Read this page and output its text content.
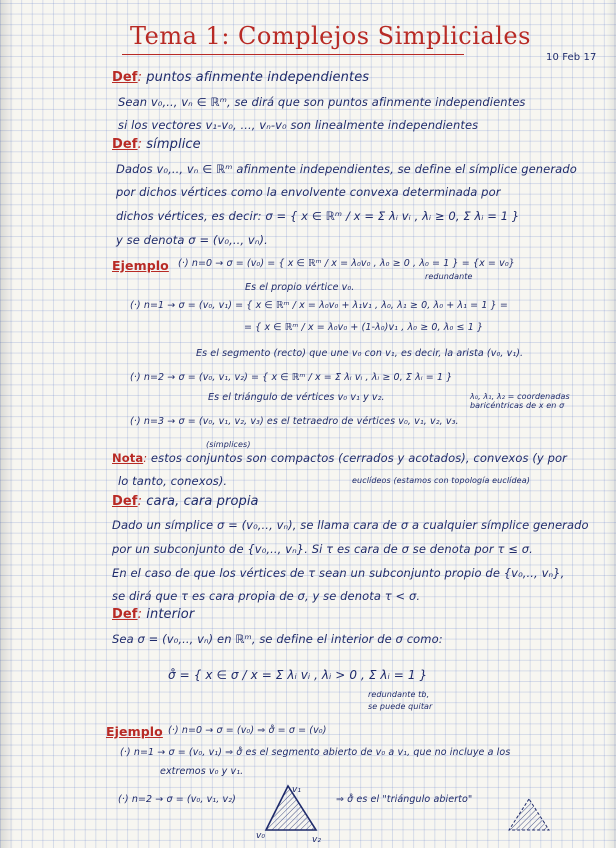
Tema 1: Complejos Simpliciales
10 Feb 17
Def: puntos afinmente independientes
Sean v₀,.., vₙ ∈ ℝᵐ, se dirá que son puntos afinmente independientes
si los vectores v₁-v₀, ..., vₙ-v₀ son linealmente independientes
Def: símplice
Dados v₀,.., vₙ ∈ ℝᵐ afinmente independientes, se define el símplice generado
por dichos vértices como la envolvente convexa determinada por
dichos vértices, es decir: σ = { x ∈ ℝᵐ / x = Σ λᵢ vᵢ , λᵢ ≥ 0, Σ λᵢ = 1 }
y se denota σ = (v₀,.., vₙ).
Ejemplo (·) n=0 → σ = (v₀) = { x ∈ ℝᵐ / x = λ₀v₀ , λ₀ ≥ 0 , λ₀ = 1 } = {x = v₀}
redundante
Es el propio vértice v₀.
(·) n=1 → σ = (v₀, v₁) = { x ∈ ℝᵐ / x = λ₀v₀ + λ₁v₁ , λ₀, λ₁ ≥ 0, λ₀ + λ₁ = 1 } =
= { x ∈ ℝᵐ / x = λ₀v₀ + (1-λ₀)v₁ , λ₀ ≥ 0, λ₀ ≤ 1 }
Es el segmento (recto) que une v₀ con v₁, es decir, la arista (v₀, v₁).
(·) n=2 → σ = (v₀, v₁, v₂) = { x ∈ ℝᵐ / x = Σ λᵢ vᵢ , λᵢ ≥ 0, Σ λᵢ = 1 }
Es el triángulo de vértices v₀ v₁ y v₂.	λ₀, λ₁, λ₂ = coordenadas baricéntricas de x en σ
(·) n=3 → σ = (v₀, v₁, v₂, v₃) es el tetraedro de vértices v₀, v₁, v₂, v₃.
(simplices)
Nota: estos conjuntos son compactos (cerrados y acotados), convexos (y por
lo tanto, conexos).	euclídeos (estamos con topología euclídea)
Def: cara, cara propia
Dado un símplice σ = (v₀,.., vₙ), se llama cara de σ a cualquier símplice generado
por un subconjunto de {v₀,.., vₙ}. Si τ es cara de σ se denota por τ ≤ σ.
En el caso de que los vértices de τ sean un subconjunto propio de {v₀,.., vₙ},
se dirá que τ es cara propia de σ, y se denota τ < σ.
Def: interior
Sea σ = (v₀,.., vₙ) en ℝᵐ, se define el interior de σ como:
σ̊ = { x ∈ σ / x = Σ λᵢ vᵢ , λᵢ > 0 , Σ λᵢ = 1 }
redundante tb,
se puede quitar
Ejemplo (·) n=0 → σ = (v₀) ⇒ σ̊ = σ = (v₀)
(·) n=1 → σ = (v₀, v₁) ⇒ σ̊ es el segmento abierto de v₀ a v₁, que no incluye a los
extremos v₀ y v₁.
(·) n=2 → σ = (v₀, v₁, v₂)	⇒ σ̊ es el "triángulo abierto"
v₀	v₂
v₁
